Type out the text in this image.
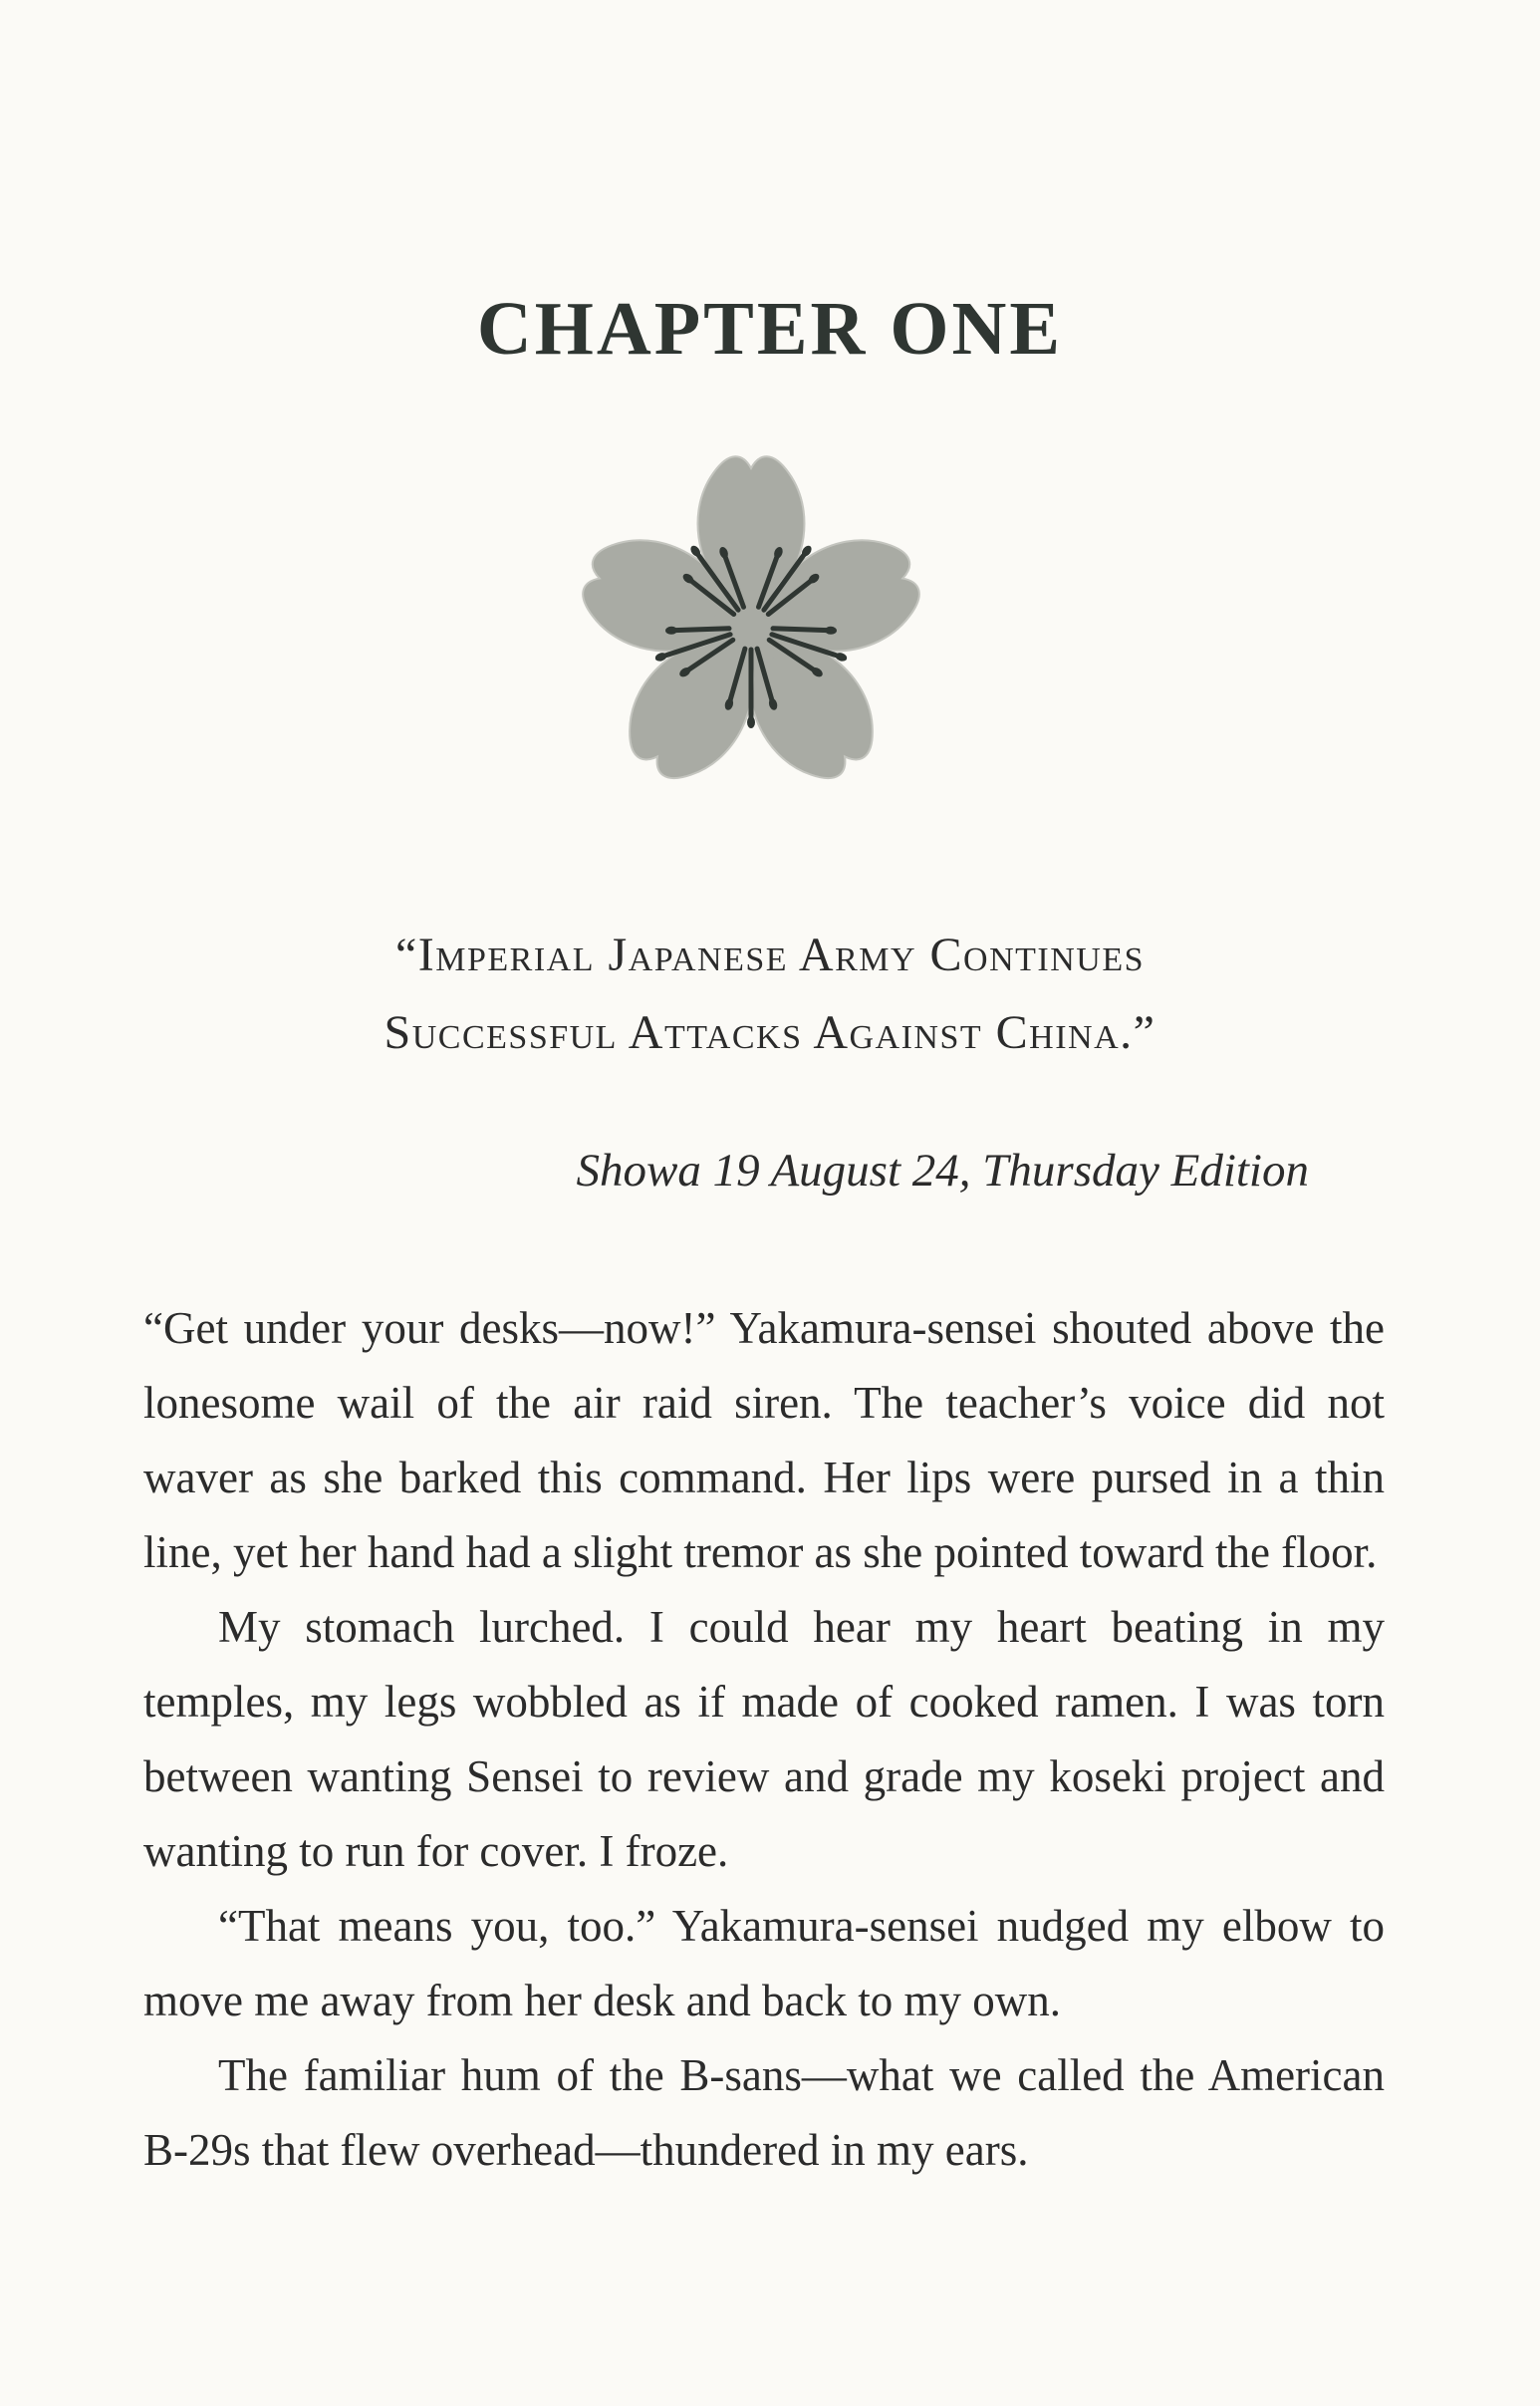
CHAPTER ONE
“Imperial Japanese Army Continues
Successful Attacks Against China.”
Showa 19 August 24, Thursday Edition

“Get under your desks—now!” Yakamura-sensei shouted above the lonesome wail of the air raid siren. The teacher’s voice did not waver as she barked this command. Her lips were pursed in a thin line, yet her hand had a slight tremor as she pointed toward the floor.

My stomach lurched. I could hear my heart beating in my temples, my legs wobbled as if made of cooked ramen. I was torn between wanting Sensei to review and grade my koseki project and wanting to run for cover. I froze.

“That means you, too.” Yakamura-sensei nudged my elbow to move me away from her desk and back to my own.

The familiar hum of the B-sans—what we called the American B-29s that flew overhead—thundered in my ears.
